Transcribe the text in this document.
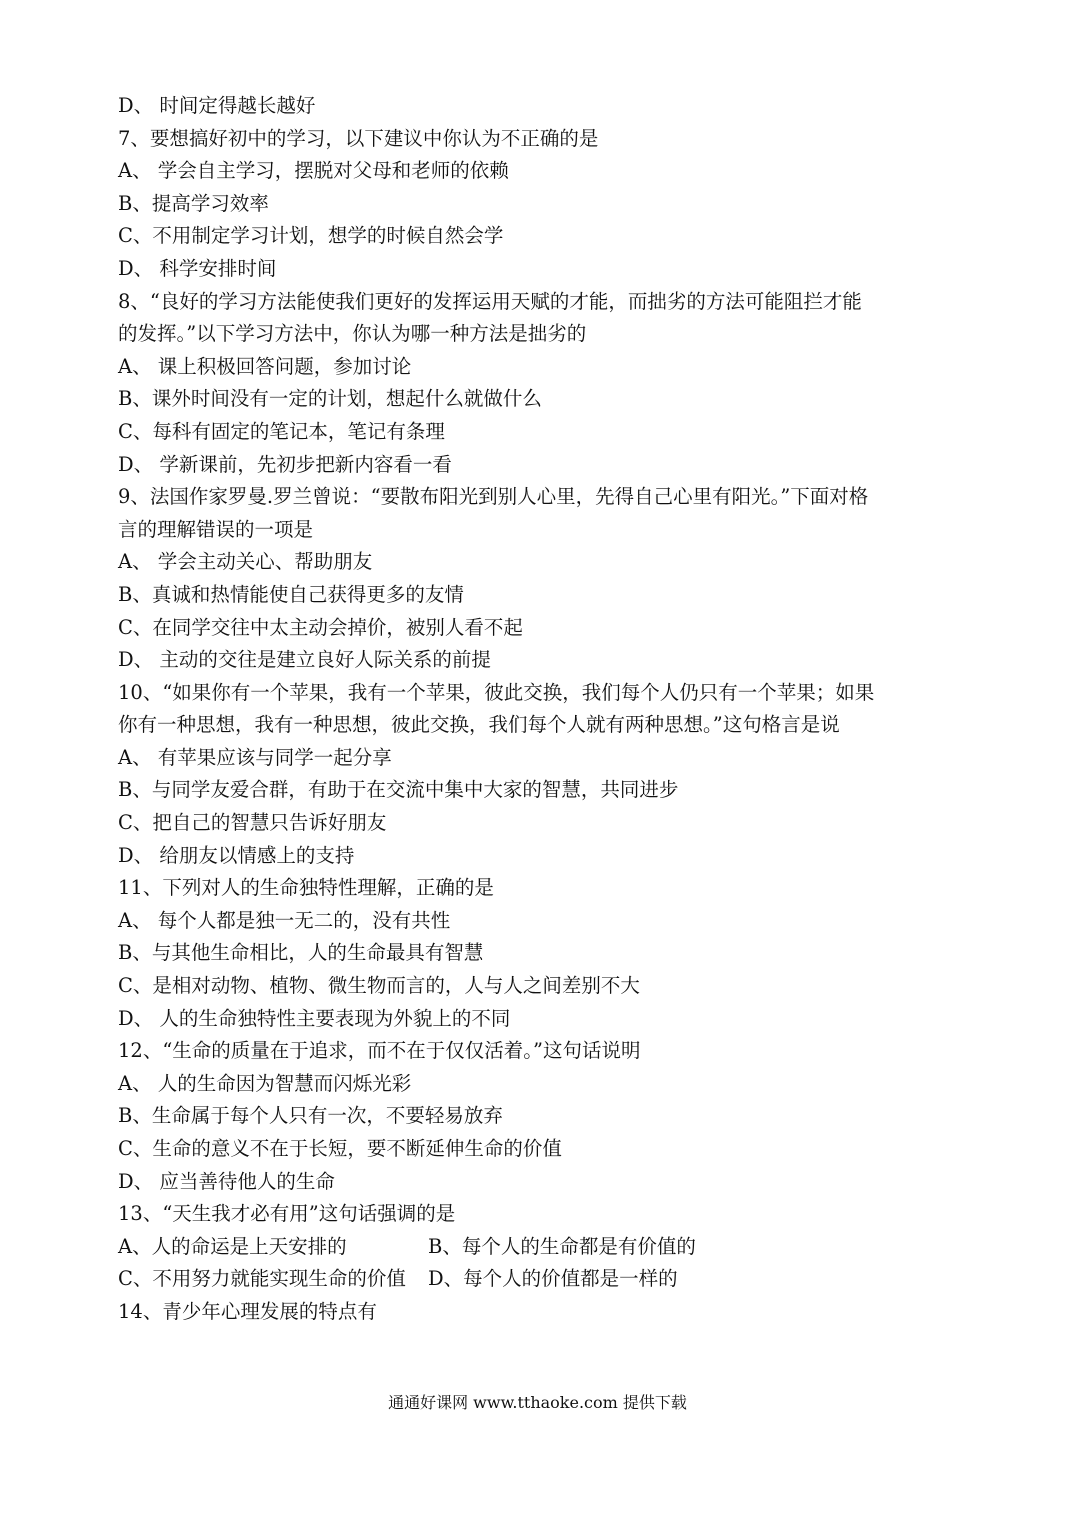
D、 时间定得越长越好
7、要想搞好初中的学习，以下建议中你认为不正确的是
A、 学会自主学习，摆脱对父母和老师的依赖
B、提高学习效率
C、不用制定学习计划，想学的时候自然会学
D、 科学安排时间
8、“良好的学习方法能使我们更好的发挥运用天赋的才能，而拙劣的方法可能阻拦才能
的发挥。”以下学习方法中，你认为哪一种方法是拙劣的
A、 课上积极回答问题，参加讨论
B、课外时间没有一定的计划，想起什么就做什么
C、每科有固定的笔记本，笔记有条理
D、 学新课前，先初步把新内容看一看
9、法国作家罗曼.罗兰曾说：“要散布阳光到别人心里，先得自己心里有阳光。”下面对格
言的理解错误的一项是
A、 学会主动关心、帮助朋友
B、真诚和热情能使自己获得更多的友情
C、在同学交往中太主动会掉价，被别人看不起
D、 主动的交往是建立良好人际关系的前提
10、“如果你有一个苹果，我有一个苹果，彼此交换，我们每个人仍只有一个苹果；如果
你有一种思想，我有一种思想，彼此交换，我们每个人就有两种思想。”这句格言是说
A、 有苹果应该与同学一起分享
B、与同学友爱合群，有助于在交流中集中大家的智慧，共同进步
C、把自己的智慧只告诉好朋友
D、 给朋友以情感上的支持
11、下列对人的生命独特性理解，正确的是
A、 每个人都是独一无二的，没有共性
B、与其他生命相比，人的生命最具有智慧
C、是相对动物、植物、微生物而言的，人与人之间差别不大
D、 人的生命独特性主要表现为外貌上的不同
12、“生命的质量在于追求，而不在于仅仅活着。”这句话说明
A、 人的生命因为智慧而闪烁光彩
B、生命属于每个人只有一次，不要轻易放弃
C、生命的意义不在于长短，要不断延伸生命的价值
D、 应当善待他人的生命
13、“天生我才必有用”这句话强调的是
A、人的命运是上天安排的	B、每个人的生命都是有价值的
C、不用努力就能实现生命的价值	D、每个人的价值都是一样的
14、青少年心理发展的特点有
通通好课网 www.tthaoke.com 提供下载
